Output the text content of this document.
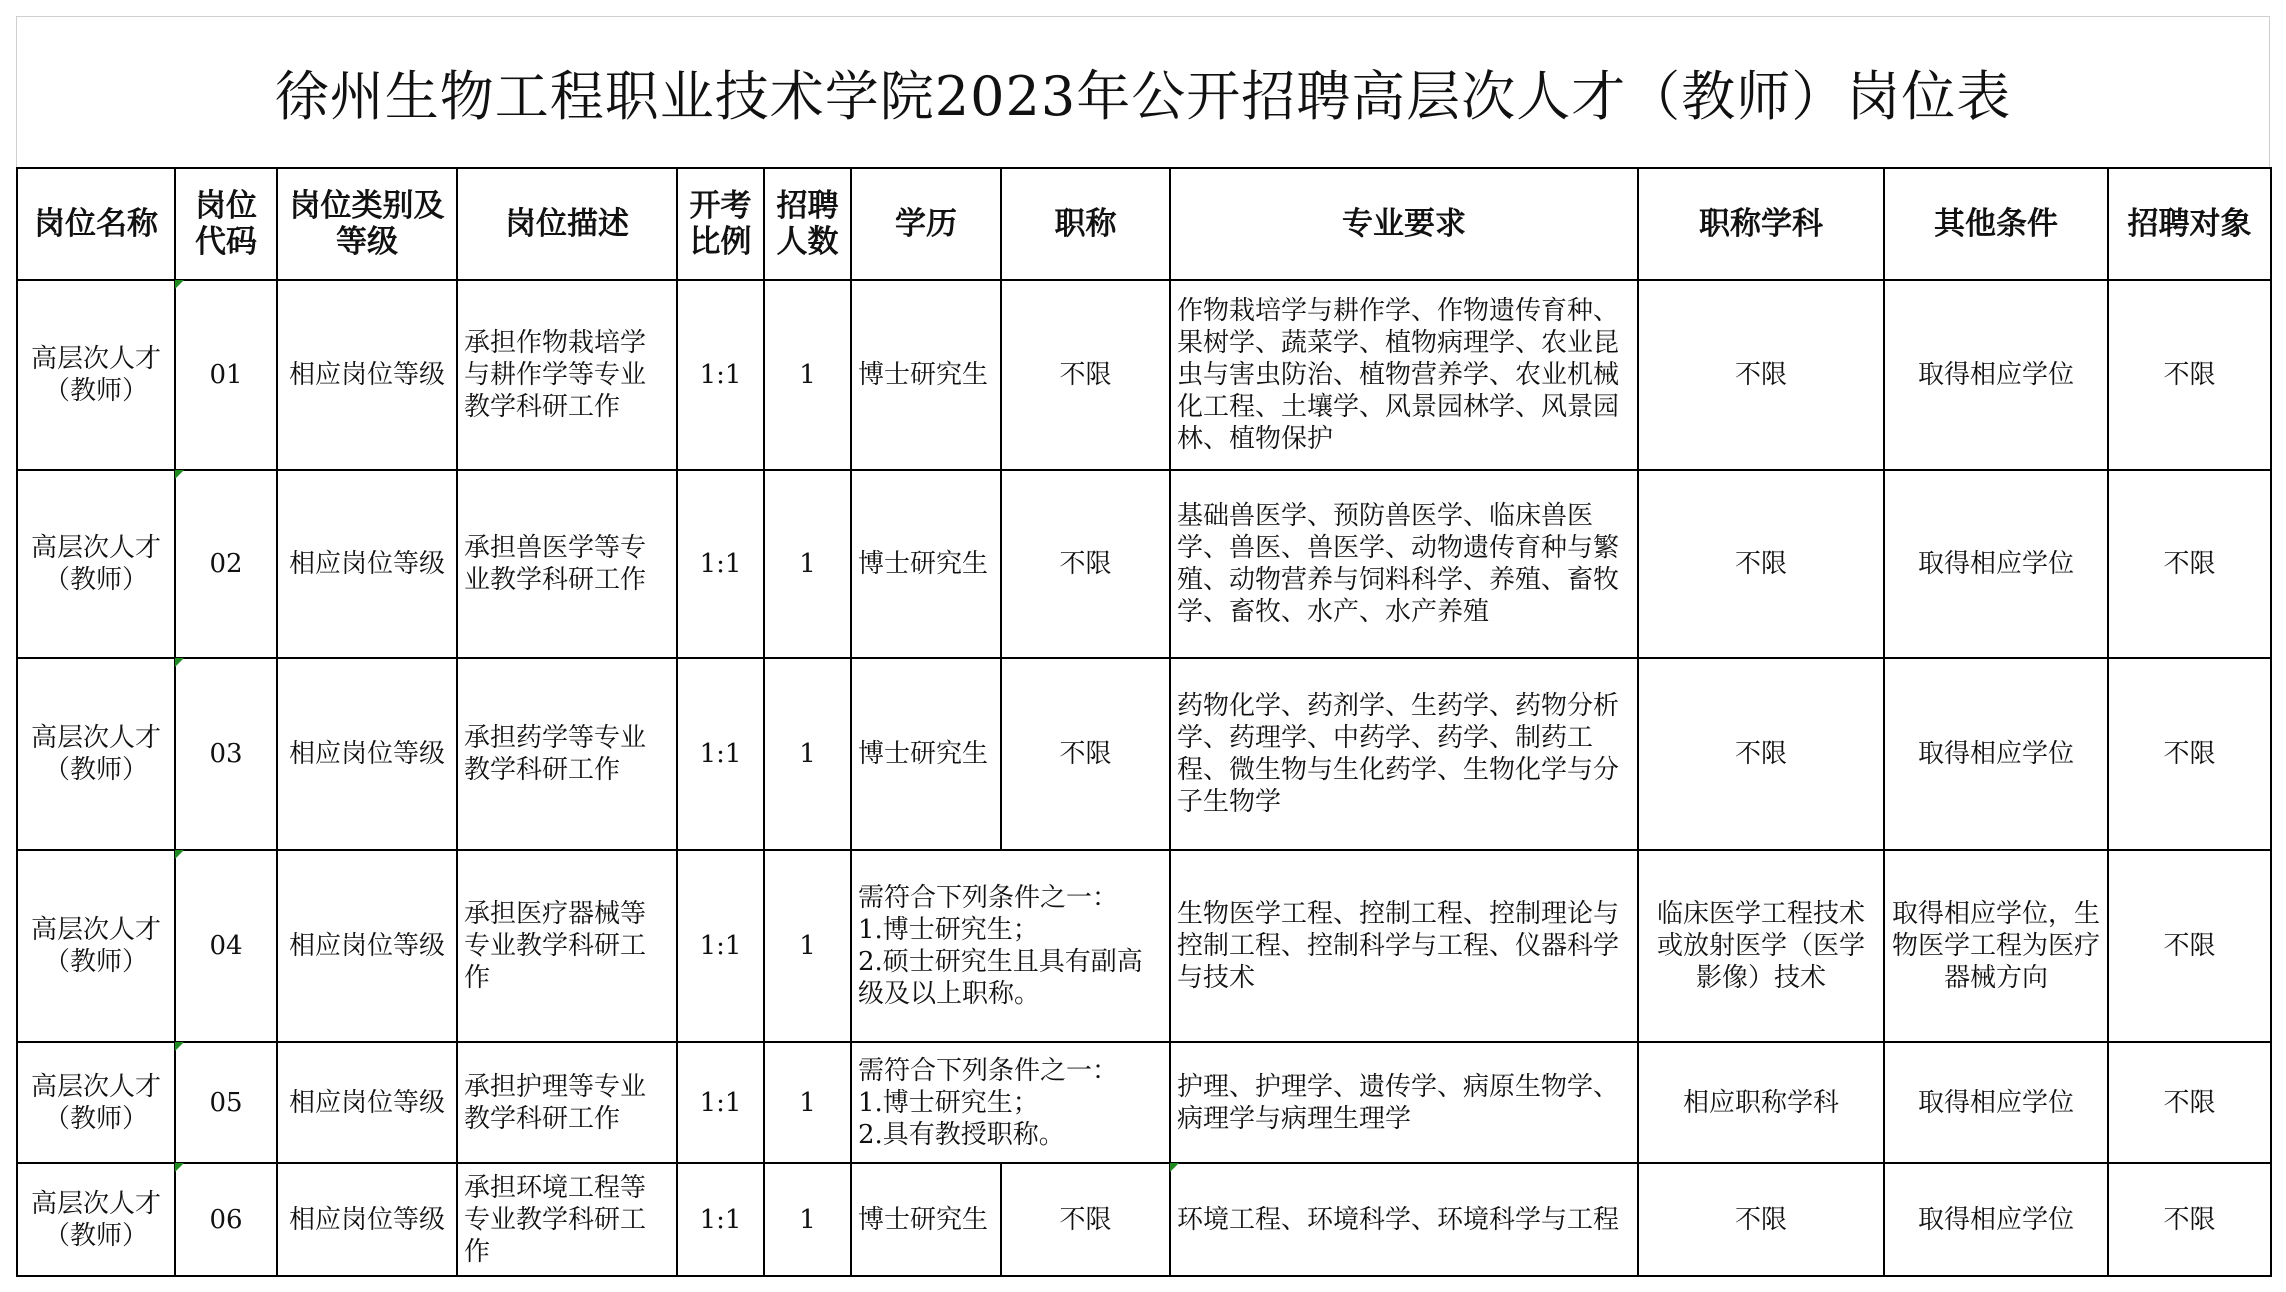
徐州生物工程职业技术学院2023年公开招聘高层次人才（教师）岗位表
岗位名称	岗位代码	岗位类别及等级	岗位描述	开考比例	招聘人数	学历	职称	专业要求	职称学科	其他条件	招聘对象
高层次人才（教师）	01	相应岗位等级	承担作物栽培学与耕作学等专业教学科研工作	1:1	1	博士研究生	不限	作物栽培学与耕作学、作物遗传育种、果树学、蔬菜学、植物病理学、农业昆虫与害虫防治、植物营养学、农业机械化工程、土壤学、风景园林学、风景园林、植物保护	不限	取得相应学位	不限
高层次人才（教师）	02	相应岗位等级	承担兽医学等专业教学科研工作	1:1	1	博士研究生	不限	基础兽医学、预防兽医学、临床兽医学、兽医、兽医学、动物遗传育种与繁殖、动物营养与饲料科学、养殖、畜牧学、畜牧、水产、水产养殖	不限	取得相应学位	不限
高层次人才（教师）	03	相应岗位等级	承担药学等专业教学科研工作	1:1	1	博士研究生	不限	药物化学、药剂学、生药学、药物分析学、药理学、中药学、药学、制药工程、微生物与生化药学、生物化学与分子生物学	不限	取得相应学位	不限
高层次人才（教师）	04	相应岗位等级	承担医疗器械等专业教学科研工作	1:1	1	需符合下列条件之一：
1.博士研究生；
2.硕士研究生且具有副高级及以上职称。		生物医学工程、控制工程、控制理论与控制工程、控制科学与工程、仪器科学与技术	临床医学工程技术或放射医学（医学影像）技术	取得相应学位，生物医学工程为医疗器械方向	不限
高层次人才（教师）	05	相应岗位等级	承担护理等专业教学科研工作	1:1	1	需符合下列条件之一：
1.博士研究生；
2.具有教授职称。		护理、护理学、遗传学、病原生物学、病理学与病理生理学	相应职称学科	取得相应学位	不限
高层次人才（教师）	06	相应岗位等级	承担环境工程等专业教学科研工作	1:1	1	博士研究生	不限	环境工程、环境科学、环境科学与工程	不限	取得相应学位	不限
